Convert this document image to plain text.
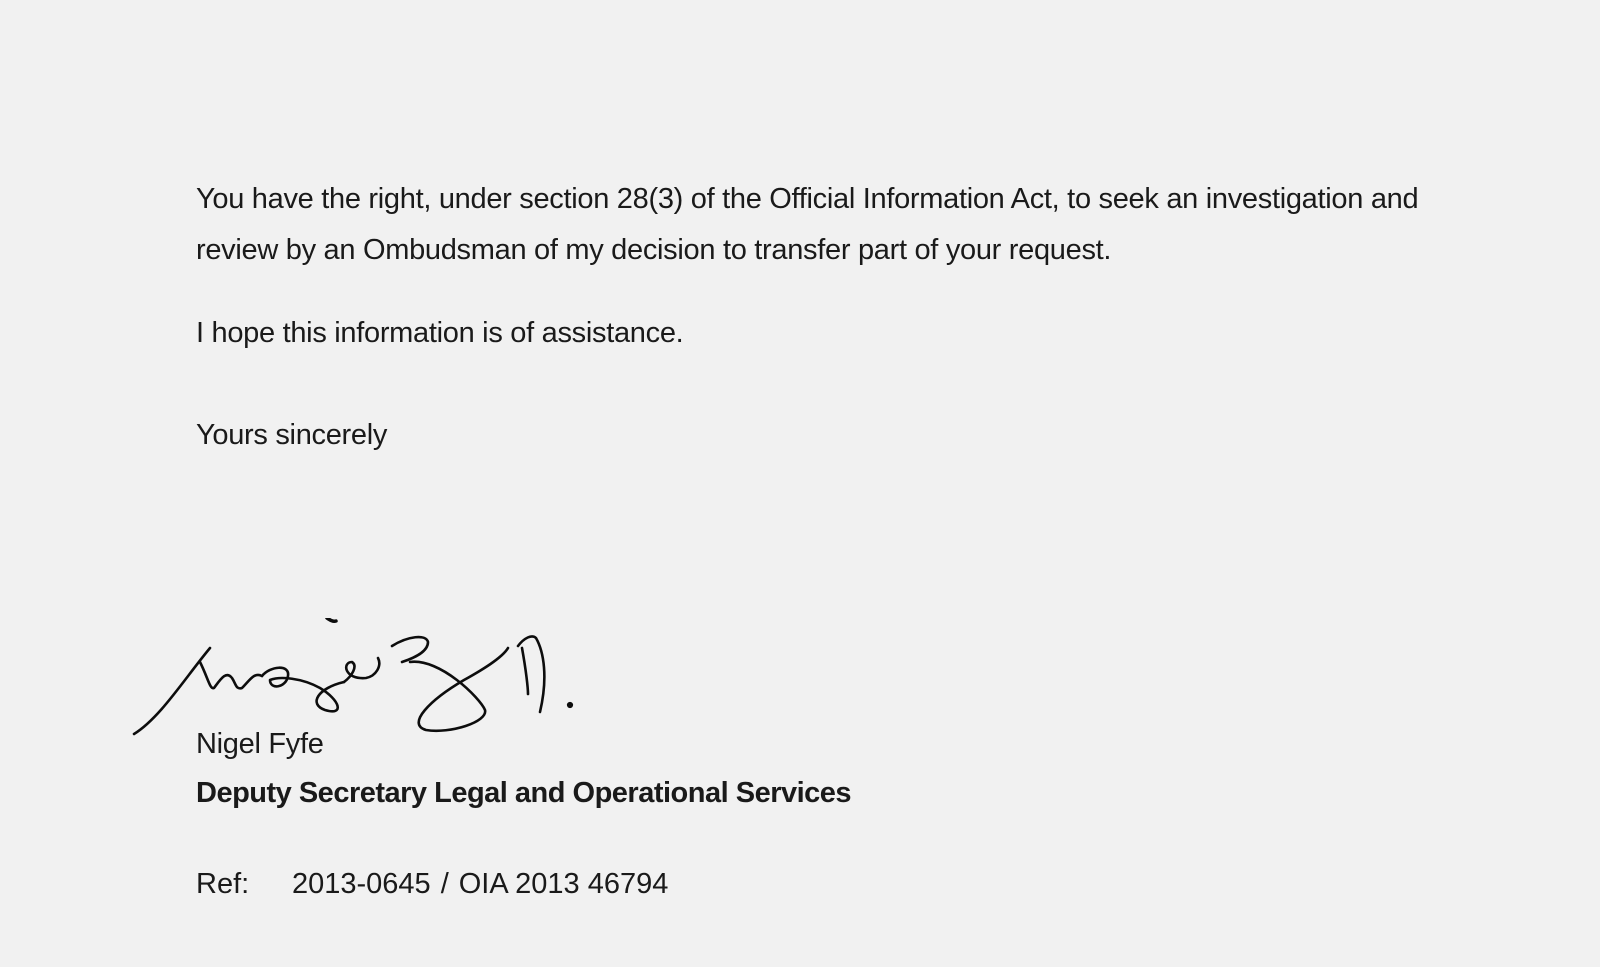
You have the right, under section 28(3) of the Official Information Act, to seek an investigation and review by an Ombudsman of my decision to transfer part of your request.

I hope this information is of assistance.

Yours sincerely

Nigel Fyfe

Deputy Secretary Legal and Operational Services

Ref: 2013-0645 / OIA 2013 46794
